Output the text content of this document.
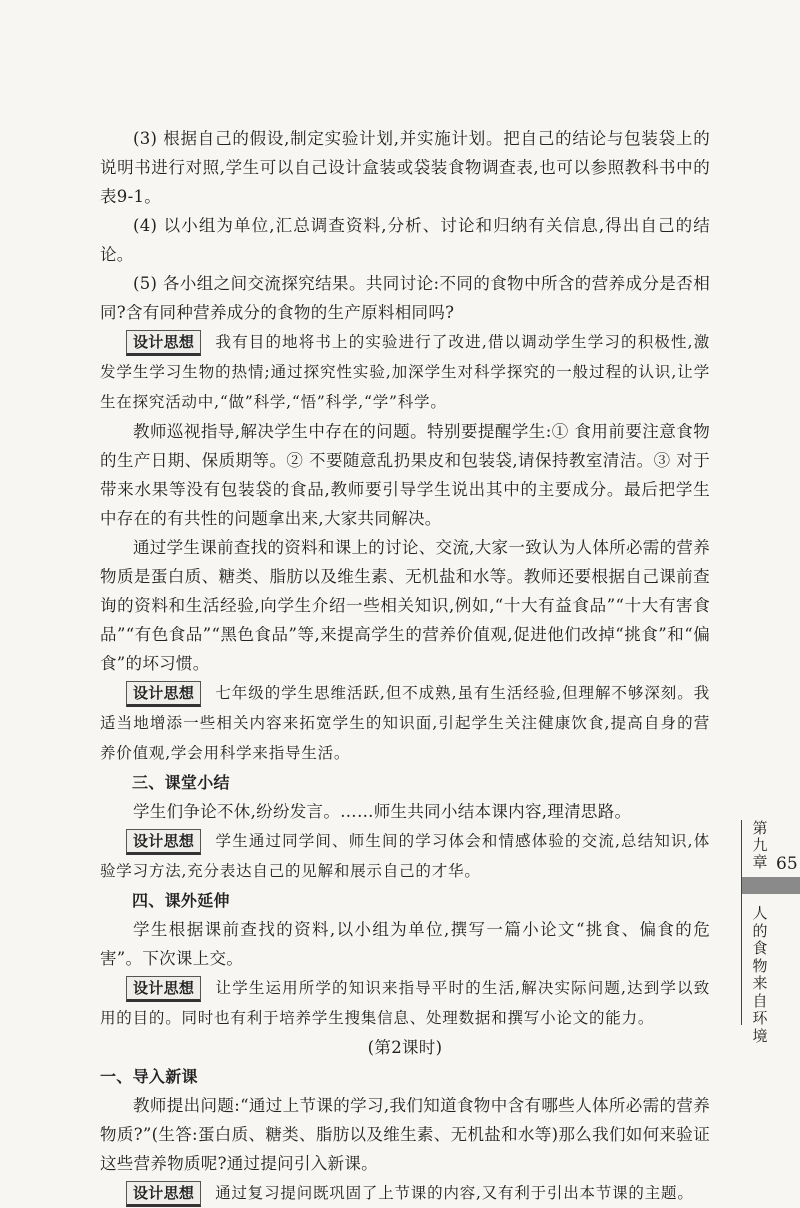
(3) 根据自己的假设,制定实验计划,并实施计划。把自己的结论与包装袋上的说明书进行对照,学生可以自己设计盒装或袋装食物调查表,也可以参照教科书中的表9-1。

(4) 以小组为单位,汇总调查资料,分析、讨论和归纳有关信息,得出自己的结论。

(5) 各小组之间交流探究结果。共同讨论:不同的食物中所含的营养成分是否相同?含有同种营养成分的食物的生产原料相同吗?

设计思想 我有目的地将书上的实验进行了改进,借以调动学生学习的积极性,激发学生学习生物的热情;通过探究性实验,加深学生对科学探究的一般过程的认识,让学生在探究活动中,“做”科学,“悟”科学,“学”科学。

教师巡视指导,解决学生中存在的问题。特别要提醒学生:① 食用前要注意食物的生产日期、保质期等。② 不要随意乱扔果皮和包装袋,请保持教室清洁。③ 对于带来水果等没有包装袋的食品,教师要引导学生说出其中的主要成分。最后把学生中存在的有共性的问题拿出来,大家共同解决。

通过学生课前查找的资料和课上的讨论、交流,大家一致认为人体所必需的营养物质是蛋白质、糖类、脂肪以及维生素、无机盐和水等。教师还要根据自己课前查询的资料和生活经验,向学生介绍一些相关知识,例如,“十大有益食品”“十大有害食品”“有色食品”“黑色食品”等,来提高学生的营养价值观,促进他们改掉“挑食”和“偏食”的坏习惯。

设计思想 七年级的学生思维活跃,但不成熟,虽有生活经验,但理解不够深刻。我适当地增添一些相关内容来拓宽学生的知识面,引起学生关注健康饮食,提高自身的营养价值观,学会用科学来指导生活。

三、课堂小结

学生们争论不休,纷纷发言。……师生共同小结本课内容,理清思路。

设计思想 学生通过同学间、师生间的学习体会和情感体验的交流,总结知识,体验学习方法,充分表达自己的见解和展示自己的才华。

四、课外延伸

学生根据课前查找的资料,以小组为单位,撰写一篇小论文“挑食、偏食的危害”。下次课上交。

设计思想 让学生运用所学的知识来指导平时的生活,解决实际问题,达到学以致用的目的。同时也有利于培养学生搜集信息、处理数据和撰写小论文的能力。

(第2课时)

一、导入新课

教师提出问题:“通过上节课的学习,我们知道食物中含有哪些人体所必需的营养物质?”(生答:蛋白质、糖类、脂肪以及维生素、无机盐和水等)那么我们如何来验证这些营养物质呢?通过提问引入新课。

设计思想 通过复习提问既巩固了上节课的内容,又有利于引出本节课的主题。

第九章 65
人的食物来自环境
